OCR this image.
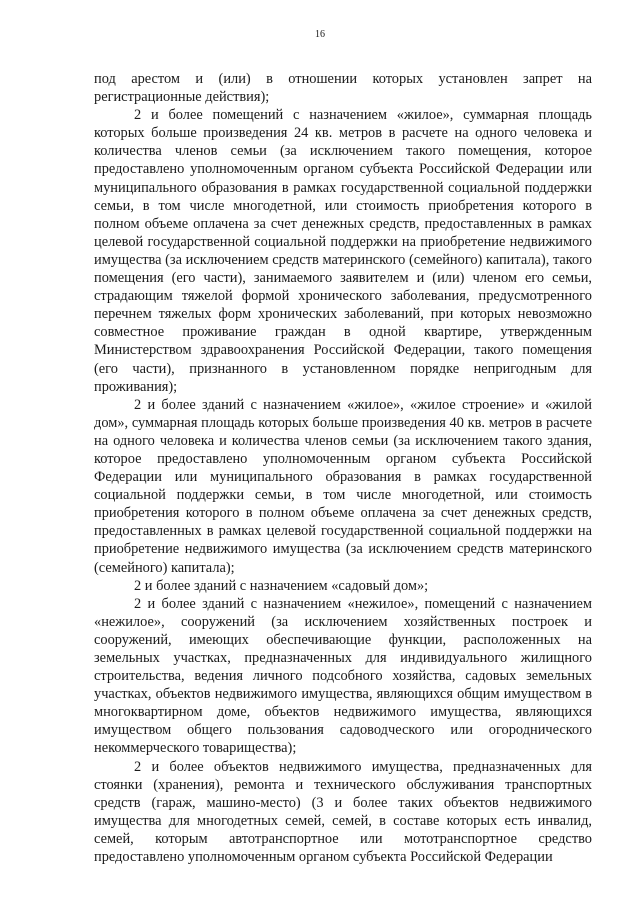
16

под арестом и (или) в отношении которых установлен запрет на регистрационные действия);

2 и более помещений с назначением «жилое», суммарная площадь которых больше произведения 24 кв. метров в расчете на одного человека и количества членов семьи (за исключением такого помещения, которое предоставлено уполномоченным органом субъекта Российской Федерации или муниципального образования в рамках государственной социальной поддержки семьи, в том числе многодетной, или стоимость приобретения которого в полном объеме оплачена за счет денежных средств, предоставленных в рамках целевой государственной социальной поддержки на приобретение недвижимого имущества (за исключением средств материнского (семейного) капитала), такого помещения (его части), занимаемого заявителем и (или) членом его семьи, страдающим тяжелой формой хронического заболевания, предусмотренного перечнем тяжелых форм хронических заболеваний, при которых невозможно совместное проживание граждан в одной квартире, утвержденным Министерством здравоохранения Российской Федерации, такого помещения (его части), признанного в установленном порядке непригодным для проживания);

2 и более зданий с назначением «жилое», «жилое строение» и «жилой дом», суммарная площадь которых больше произведения 40 кв. метров в расчете на одного человека и количества членов семьи (за исключением такого здания, которое предоставлено уполномоченным органом субъекта Российской Федерации или муниципального образования в рамках государственной социальной поддержки семьи, в том числе многодетной, или стоимость приобретения которого в полном объеме оплачена за счет денежных средств, предоставленных в рамках целевой государственной социальной поддержки на приобретение недвижимого имущества (за исключением средств материнского (семейного) капитала);

2 и более зданий с назначением «садовый дом»;

2 и более зданий с назначением «нежилое», помещений с назначением «нежилое», сооружений (за исключением хозяйственных построек и сооружений, имеющих обеспечивающие функции, расположенных на земельных участках, предназначенных для индивидуального жилищного строительства, ведения личного подсобного хозяйства, садовых земельных участках, объектов недвижимого имущества, являющихся общим имуществом в многоквартирном доме, объектов недвижимого имущества, являющихся имуществом общего пользования садоводческого или огороднического некоммерческого товарищества);

2 и более объектов недвижимого имущества, предназначенных для стоянки (хранения), ремонта и технического обслуживания транспортных средств (гараж, машино-место) (3 и более таких объектов недвижимого имущества для многодетных семей, семей, в составе которых есть инвалид, семей, которым автотранспортное или мототранспортное средство предоставлено уполномоченным органом субъекта Российской Федерации
